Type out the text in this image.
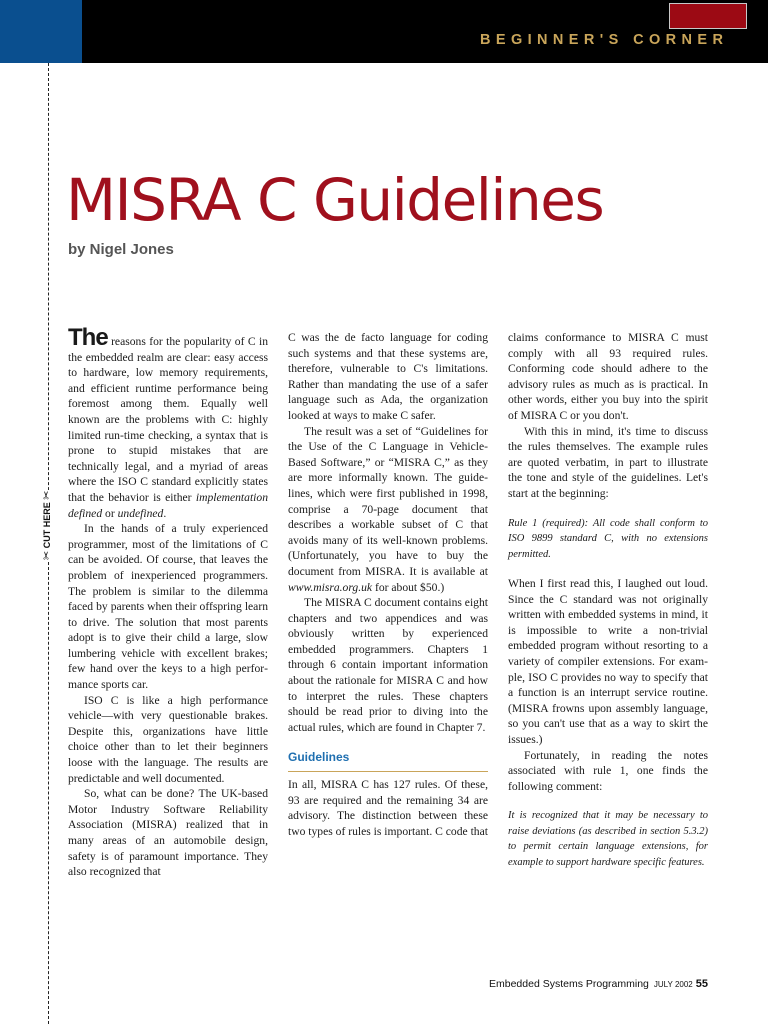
BEGINNER'S CORNER
✂ CUT HERE ✂
MISRA C Guidelines
by Nigel Jones

The reasons for the popularity of C in the embedded realm are clear: easy access to hardware, low memory requirements, and efficient runtime performance being foremost among them. Equally well known are the problems with C: highly limited run-time checking, a syntax that is prone to stupid mistakes that are technically legal, and a myriad of areas where the ISO C standard explicitly states that the behavior is either implementation defined or undefined.

In the hands of a truly experienced programmer, most of the limitations of C can be avoided. Of course, that leaves the problem of inexperienced programmers. The problem is similar to the dilemma faced by parents when their offspring learn to drive. The solution that most parents adopt is to give their child a large, slow lumbering vehicle with excellent brakes; few hand over the keys to a high performance sports car.

ISO C is like a high performance vehicle—with very questionable brakes. Despite this, organizations have little choice other than to let their beginners loose with the language. The results are predictable and well documented.

So, what can be done? The UK-based Motor Industry Software Reliability Association (MISRA) realized that in many areas of an automobile design, safety is of paramount importance. They also recognized that

C was the de facto language for coding such systems and that these systems are, therefore, vulnerable to C's limitations. Rather than mandating the use of a safer language such as Ada, the organization looked at ways to make C safer.

The result was a set of “Guidelines for the Use of the C Language in Vehicle-Based Software,” or “MISRA C,” as they are more informally known. The guidelines, which were first published in 1998, comprise a 70-page document that describes a workable subset of C that avoids many of its well-known problems. (Unfortunately, you have to buy the document from MISRA. It is available at www.misra.org.uk for about $50.)

The MISRA C document contains eight chapters and two appendices and was obviously written by experienced embedded programmers. Chapters 1 through 6 contain important information about the rationale for MISRA C and how to interpret the rules. These chapters should be read prior to diving into the actual rules, which are found in Chapter 7.

Guidelines

In all, MISRA C has 127 rules. Of these, 93 are required and the remaining 34 are advisory. The distinction between these two types of rules is important. C code that

claims conformance to MISRA C must comply with all 93 required rules. Conforming code should adhere to the advisory rules as much as is practical. In other words, either you buy into the spirit of MISRA C or you don't.

With this in mind, it's time to discuss the rules themselves. The example rules are quoted verbatim, in part to illustrate the tone and style of the guidelines. Let's start at the beginning:

Rule 1 (required): All code shall conform to ISO 9899 standard C, with no extensions permitted.

When I first read this, I laughed out loud. Since the C standard was not originally written with embedded systems in mind, it is impossible to write a non-trivial embedded program without resorting to a variety of compiler extensions. For example, ISO C provides no way to specify that a function is an interrupt service routine. (MISRA frowns upon assembly language, so you can't use that as a way to skirt the issues.)

Fortunately, in reading the notes associated with rule 1, one finds the following comment:

It is recognized that it may be necessary to raise deviations (as described in section 5.3.2) to permit certain language extensions, for example to support hardware specific features.

Embedded Systems Programming JULY 2002 55
